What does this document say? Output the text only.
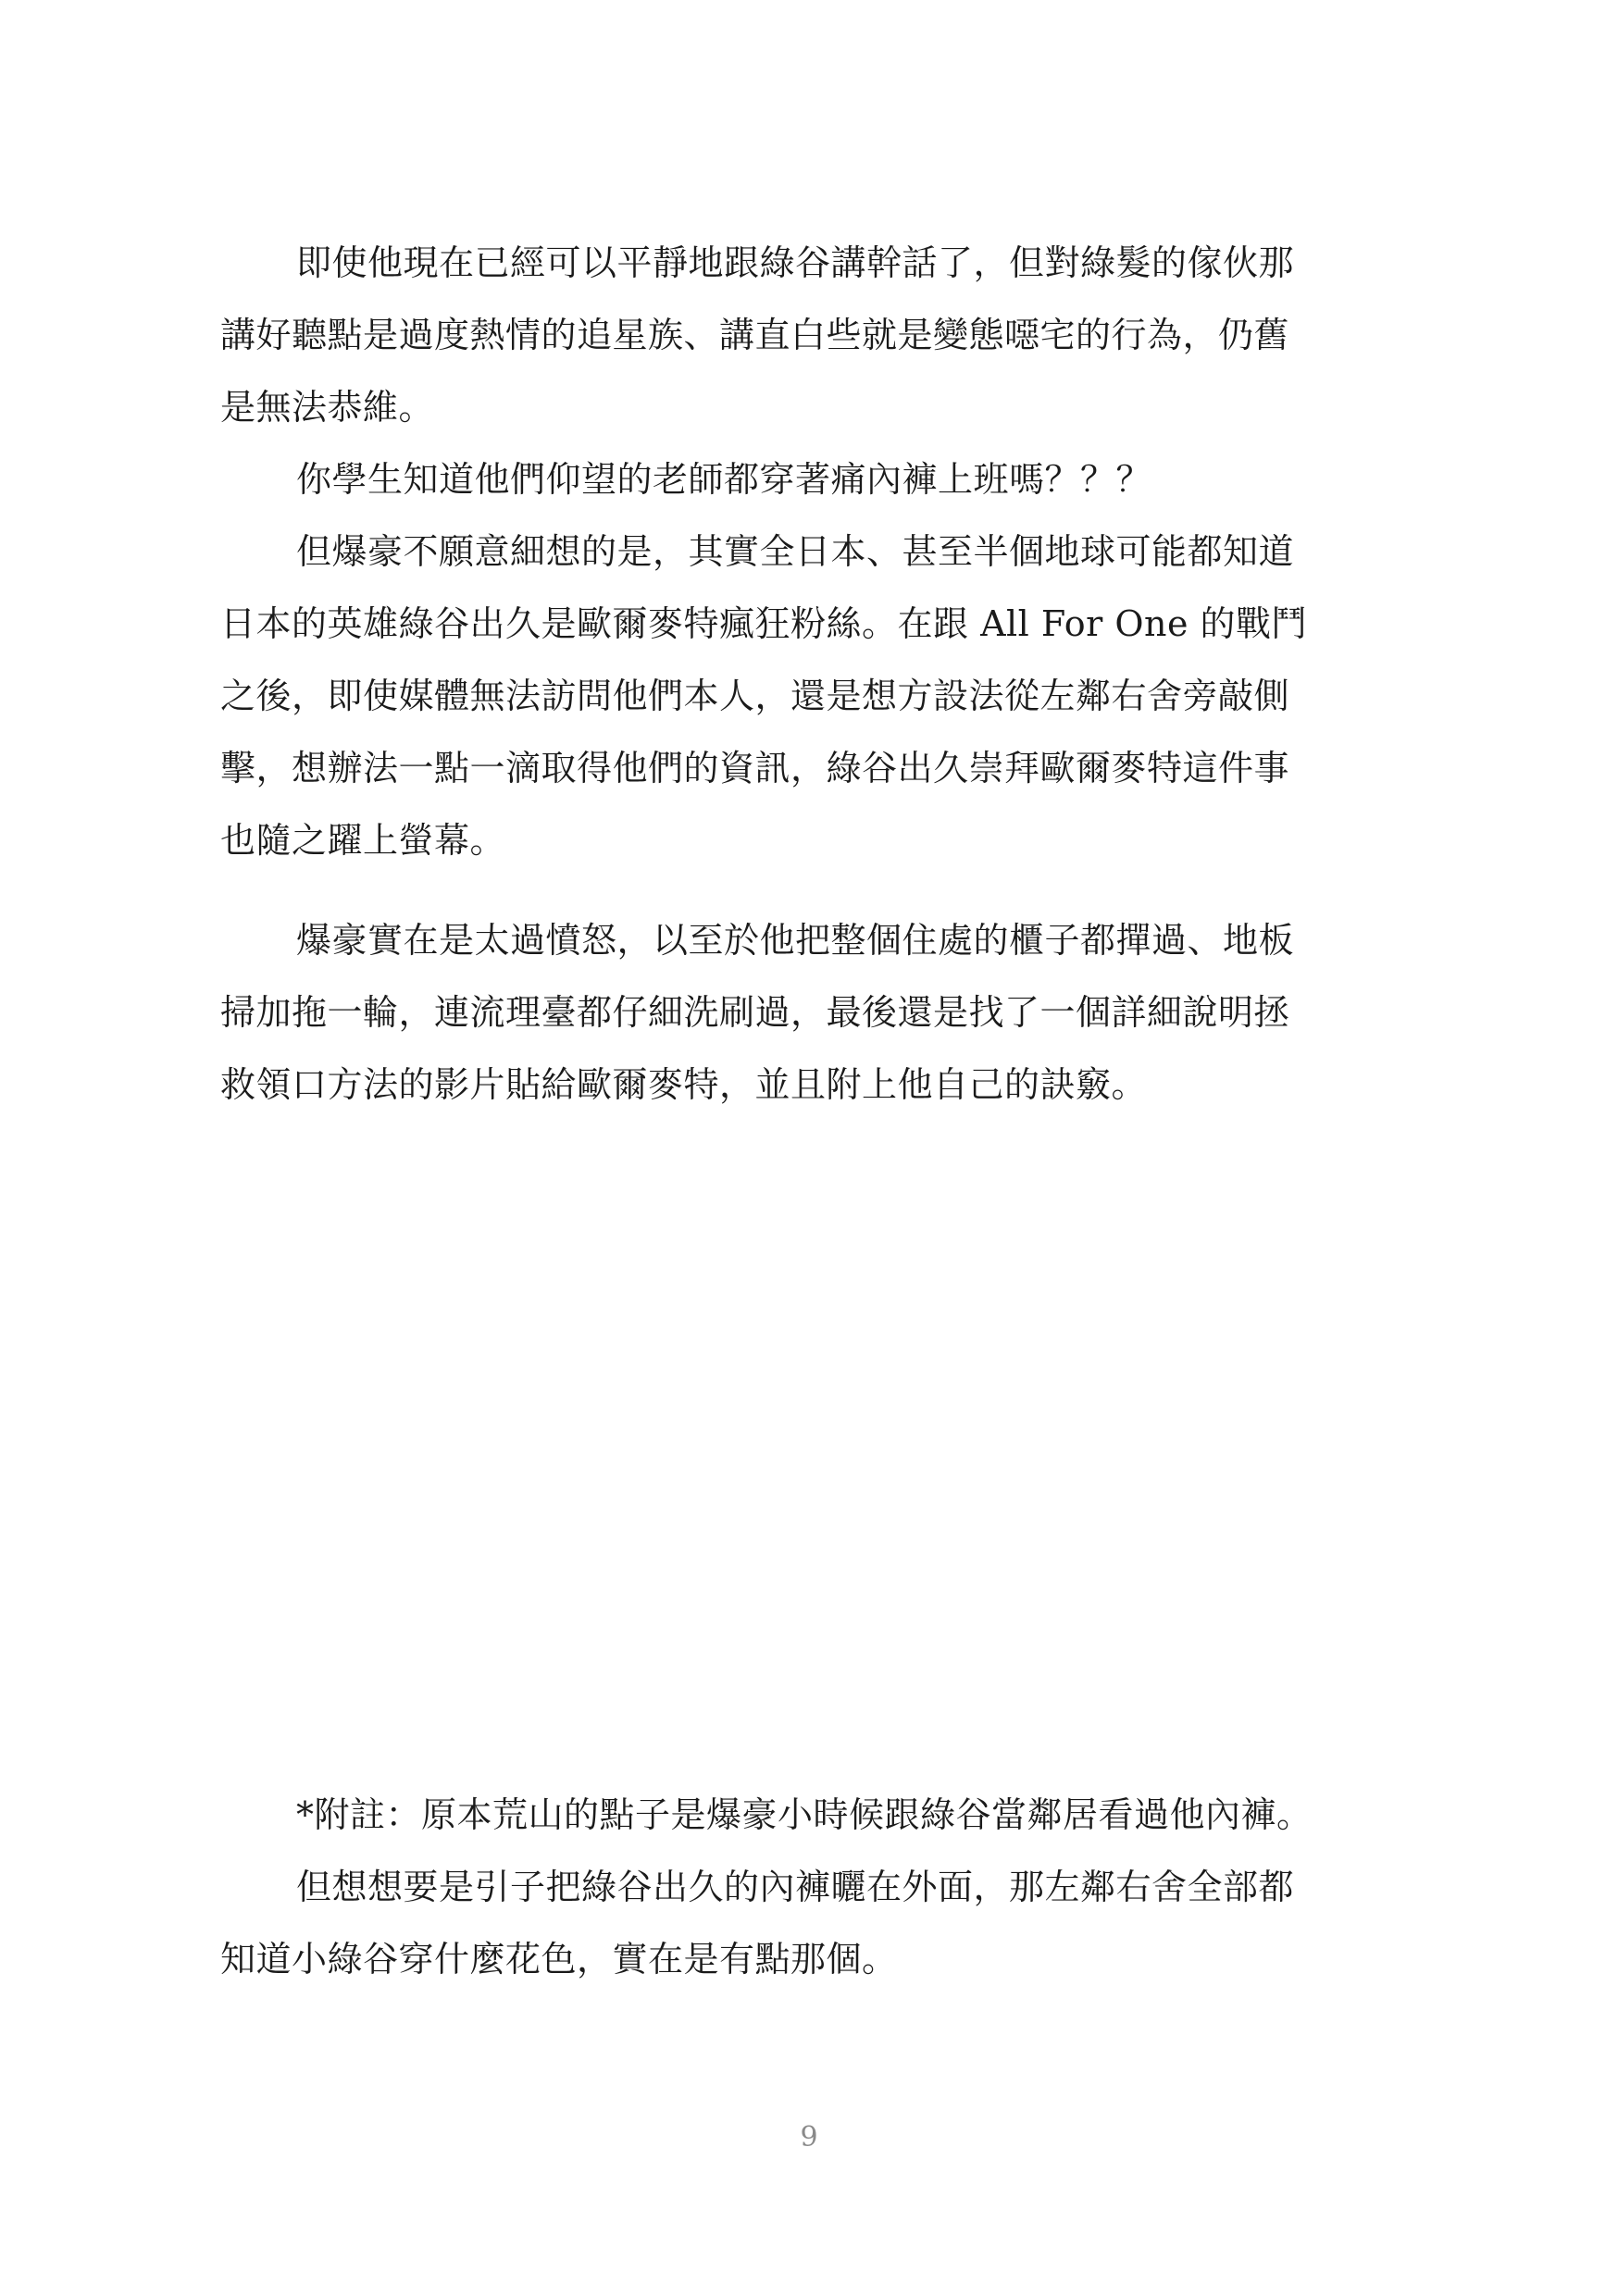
即使他現在已經可以平靜地跟綠谷講幹話了，但對綠髮的傢伙那
講好聽點是過度熱情的追星族、講直白些就是變態噁宅的行為，仍舊
是無法恭維。
你學生知道他們仰望的老師都穿著痛內褲上班嗎？？？
但爆豪不願意細想的是，其實全日本、甚至半個地球可能都知道
日本的英雄綠谷出久是歐爾麥特瘋狂粉絲。在跟 All For One 的戰鬥
之後，即使媒體無法訪問他們本人，還是想方設法從左鄰右舍旁敲側
擊，想辦法一點一滴取得他們的資訊，綠谷出久崇拜歐爾麥特這件事
也隨之躍上螢幕。
爆豪實在是太過憤怒，以至於他把整個住處的櫃子都撣過、地板
掃加拖一輪，連流理臺都仔細洗刷過，最後還是找了一個詳細說明拯
救領口方法的影片貼給歐爾麥特，並且附上他自己的訣竅。
*附註：原本荒山的點子是爆豪小時候跟綠谷當鄰居看過他內褲。
但想想要是引子把綠谷出久的內褲曬在外面，那左鄰右舍全部都
知道小綠谷穿什麼花色，實在是有點那個。
9
